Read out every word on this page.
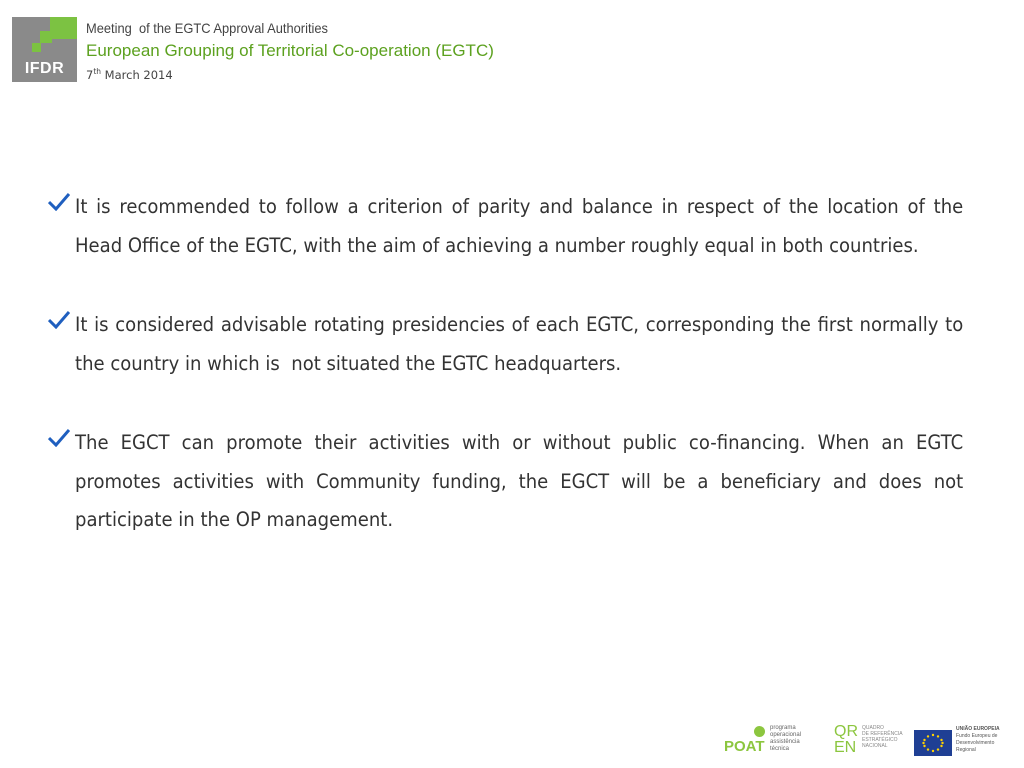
IFDR
Meeting  of the EGTC Approval Authorities
European Grouping of Territorial Co-operation (EGTC)
7th March 2014

It is recommended to follow a criterion of parity and balance in respect of the location of the Head Office of the EGTC, with the aim of achieving a number roughly equal in both countries.

It is considered advisable rotating presidencies of each EGTC, corresponding the first normally to the country in which is  not situated the EGTC headquarters.

The EGCT can promote their activities with or without public co-financing. When an EGTC promotes activities with Community funding, the EGCT will be a beneficiary and does not participate in the OP management.

POAT
programa
operacional
assistência
técnica
QR
EN
QUADRO
DE REFERÊNCIA
ESTRATÉGICO
NACIONAL
UNIÃO EUROPEIA
Fundo Europeu de
Desenvolvimento Regional
